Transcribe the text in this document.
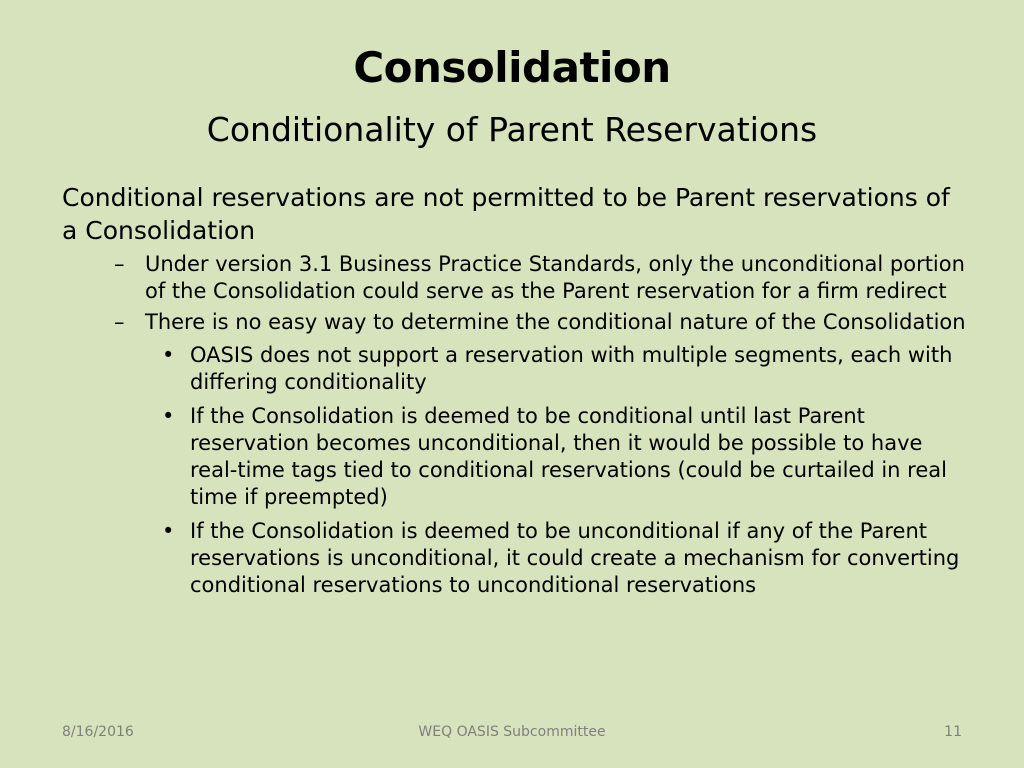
Consolidation
Conditionality of Parent Reservations

Conditional reservations are not permitted to be Parent reservations of a Consolidation

– Under version 3.1 Business Practice Standards, only the unconditional portion of the Consolidation could serve as the Parent reservation for a firm redirect
– There is no easy way to determine the conditional nature of the Consolidation
• OASIS does not support a reservation with multiple segments, each with differing conditionality
• If the Consolidation is deemed to be conditional until last Parent reservation becomes unconditional, then it would be possible to have real-time tags tied to conditional reservations (could be curtailed in real time if preempted)
• If the Consolidation is deemed to be unconditional if any of the Parent reservations is unconditional, it could create a mechanism for converting conditional reservations to unconditional reservations
8/16/2016	WEQ OASIS Subcommittee	11
